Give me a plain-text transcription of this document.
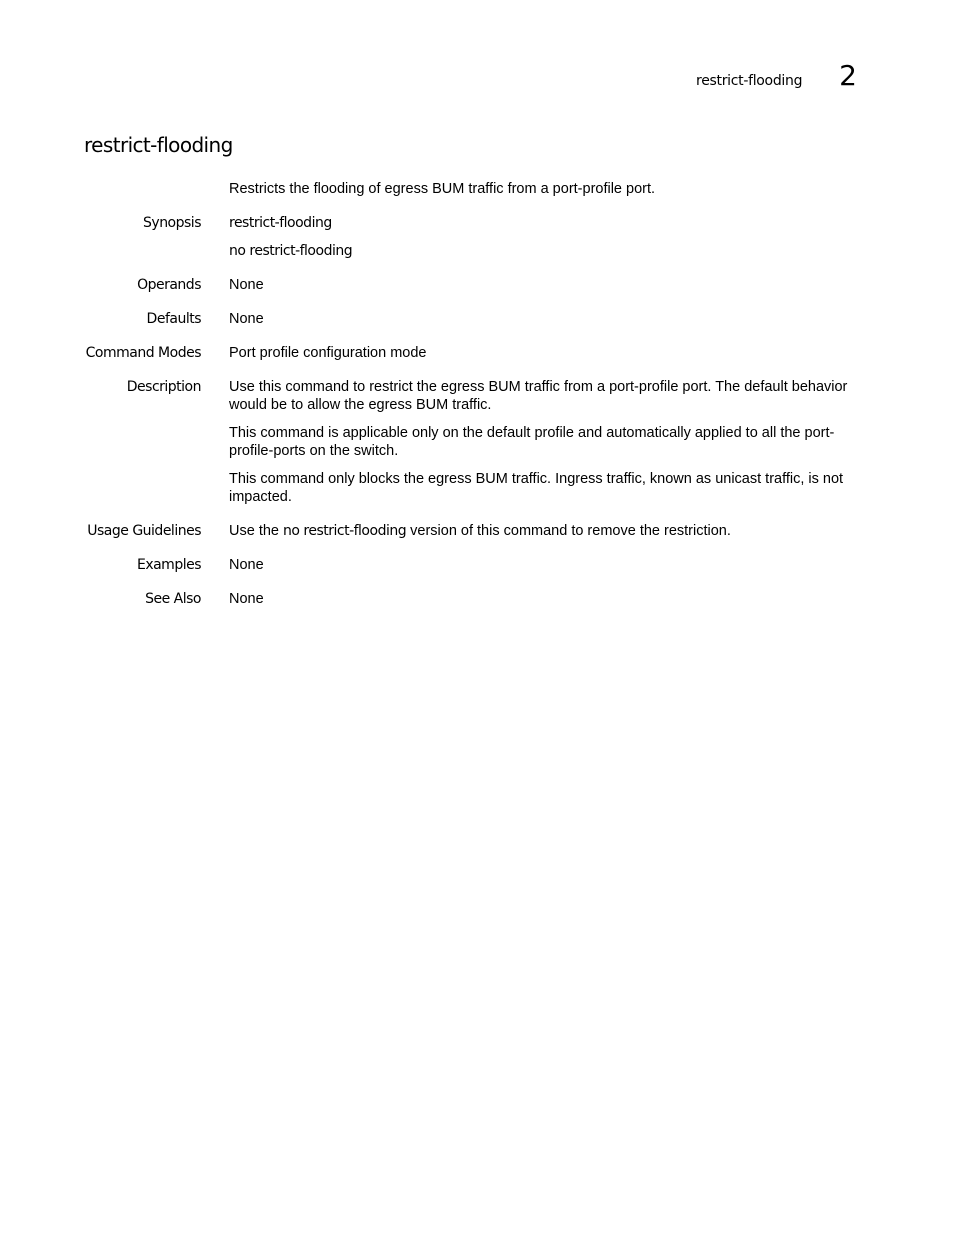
restrict-flooding 2
restrict-flooding

Restricts the flooding of egress BUM traffic from a port-profile port.

Synopsis restrict-flooding

no restrict-flooding

Operands None

Defaults None

Command Modes Port profile configuration mode

Description Use this command to restrict the egress BUM traffic from a port-profile port. The default behavior would be to allow the egress BUM traffic.

This command is applicable only on the default profile and automatically applied to all the port-profile-ports on the switch.

This command only blocks the egress BUM traffic. Ingress traffic, known as unicast traffic, is not impacted.

Usage Guidelines Use the no restrict-flooding version of this command to remove the restriction.

Examples None

See Also None
